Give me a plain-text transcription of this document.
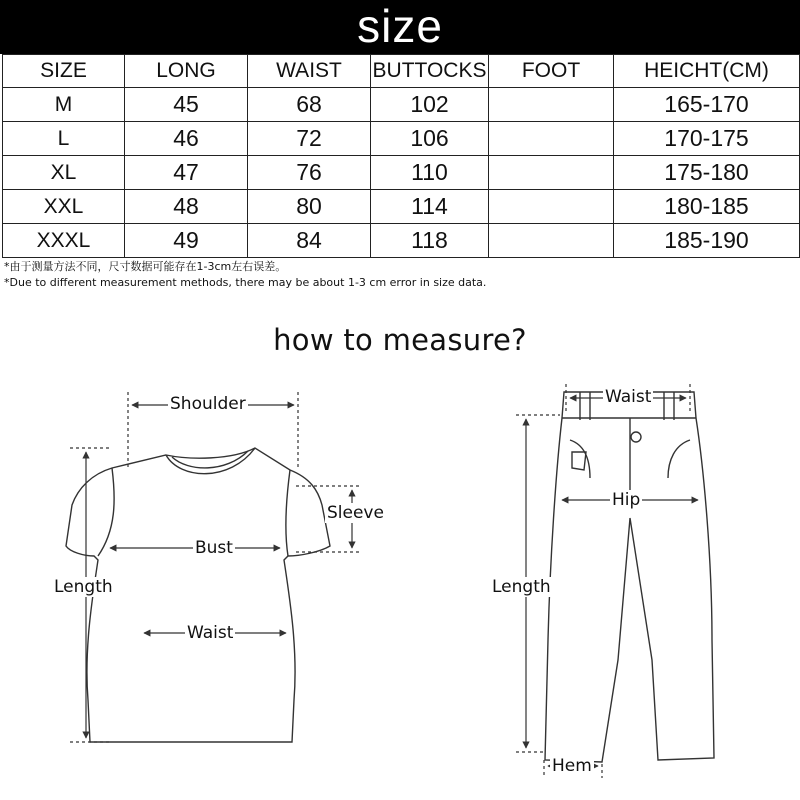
size
SIZE	LONG	WAIST	BUTTOCKS	FOOT	HEICHT(CM)
M	45	68	102		165-170
L	46	72	106		170-175
XL	47	76	110		175-180
XXL	48	80	114		180-185
XXXL	49	84	118		185-190
*由于测量方法不同，尺寸数据可能存在1-3cm左右误差。
*Due to different measurement methods, there may be about 1-3 cm error in size data.
how to measure?
Shoulder
Sleeve
Bust
Length
Waist
Waist
Hip
Length
Hem
